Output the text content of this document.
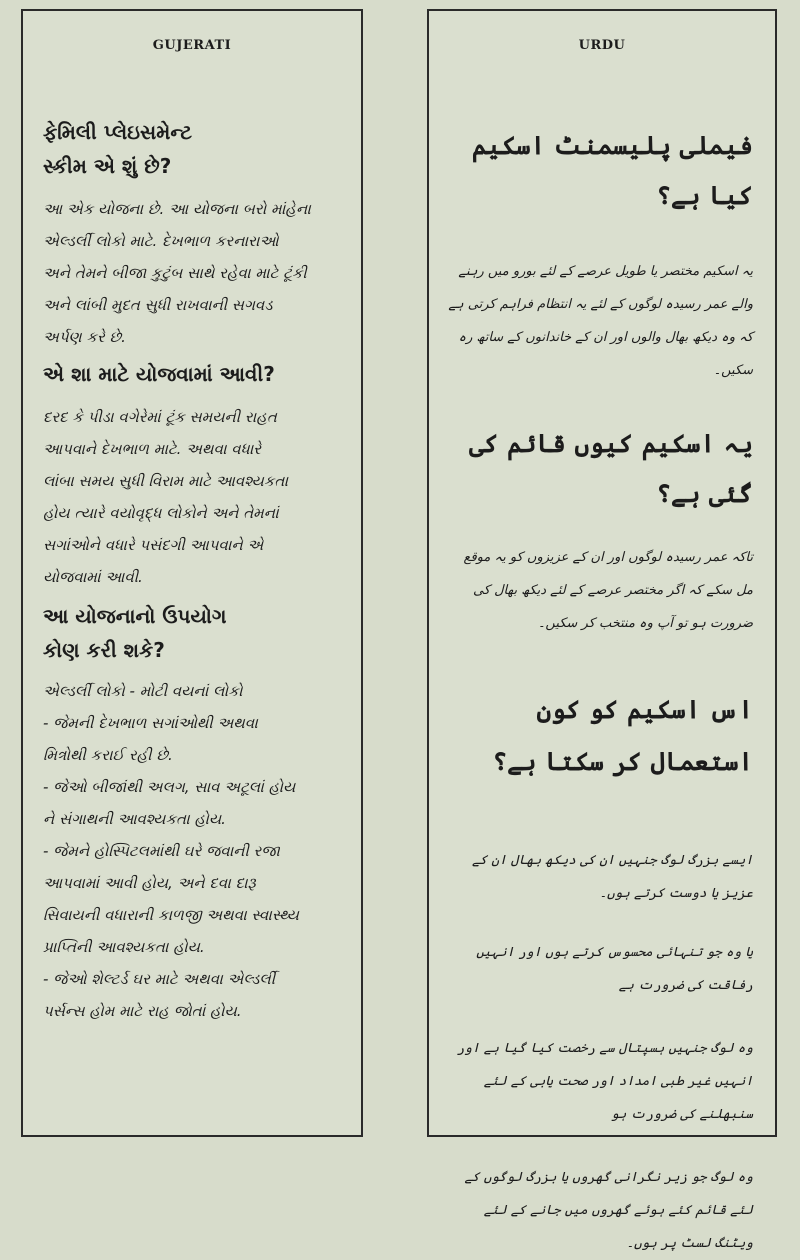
GUJERATI
ફેમિલી પ્લેઇસમેન્ટ
સ્કીમ એ શું છે?

આ એક યોજના છે. આ યોજના બરો માંહેના
એલ્ડર્લી લોકો માટે. દેખભાળ કરનારાઓ
અને તેમને બીજા કુટુંબ સાથે રહેવા માટે ટૂંકી
અને લાંબી મુદત સુધી રાખવાની સગવડ
અર્પણ કરે છે.

એ શા માટે યોજવામાં આવી?

દરદ કે પીડા વગેરેમાં ટૂંક સમયની રાહત
આપવાને દેખભાળ માટે. અથવા વધારે
લાંબા સમય સુધી વિરામ માટે આવશ્યકતા
હોય ત્યારે વયોવૃદ્ધ લોકોને અને તેમનાં
સગાંઓને વધારે પસંદગી આપવાને એ
યોજવામાં આવી.

આ યોજનાનો ઉપયોગ
કોણ કરી શકે?

એલ્ડર્લી લોકો - મોટી વયનાં લોકો
- જેમની દેખભાળ સગાંઓથી અથવા
મિત્રોથી કરાઈ રહી છે.
- જેઓ બીજાંથી અલગ, સાવ અટૂલાં હોય
ને સંગાથની આવશ્યકતા હોય.
- જેમને હોસ્પિટલમાંથી ઘરે જવાની રજા
આપવામાં આવી હોય, અને દવા દારૂ
સિવાયની વધારાની કાળજી અથવા સ્વાસ્થ્ય
પ્રાપ્તિની આવશ્યકતા હોય.
- જેઓ શેલ્ટર્ડ ઘર માટે અથવા એલ્ડર્લી
પર્સન્સ હોમ માટે રાહ જોતાં હોય.

URDU
فیملی پلیسمنٹ اسکیم کیا ہے؟

یہ اسکیم مختصر یا طویل عرصے کے لئے بورو میں رہنے والے عمر رسیدہ لوگوں کے لئے یہ انتظام فراہم کرتی ہے کہ وہ دیکھ بھال والوں اور ان کے خاندانوں کے ساتھ رہ سکیں۔

یہ اسکیم کیوں قائم کی گئی ہے؟

تاکہ عمر رسیدہ لوگوں اور ان کے عزیزوں کو یہ موقع مل سکے کہ اگر مختصر عرصے کے لئے دیکھ بھال کی ضرورت ہو تو آپ وہ منتخب کر سکیں۔

اس اسکیم کو کون استعمال کر سکتا ہے؟

ایسے بزرگ لوگ جنہیں ان کی دیکھ بھال ان کے عزیز یا دوست کرتے ہوں۔

یا وہ جو تنہائی محسوس کرتے ہوں اور انہیں رفاقت کی ضرورت ہے

وہ لوگ جنہیں ہسپتال سے رخصت کیا گیا ہے اور انہیں غیر طبی امداد اور صحت یابی کے لئے سنبھلنے کی ضرورت ہو

وہ لوگ جو زیر نگرانی گھروں یا بزرگ لوگوں کے لئے قائم کئے ہوئے گھروں میں جانے کے لئے ویٹنگ لسٹ پر ہوں۔
